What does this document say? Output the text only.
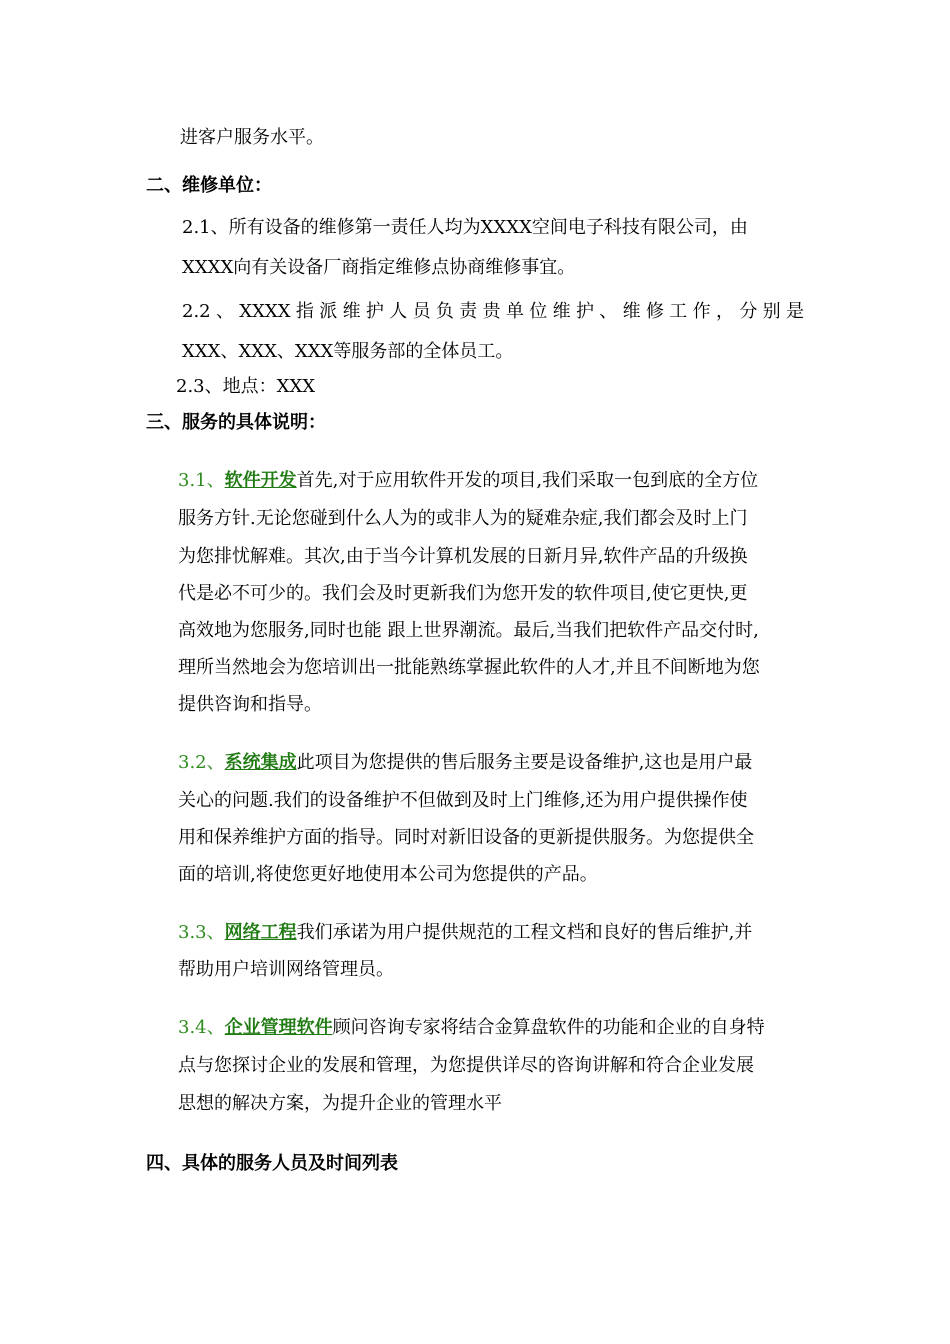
进客户服务水平。
二、维修单位：
2.1、所有设备的维修第一责任人均为XXXX空间电子科技有限公司，由
XXXX向有关设备厂商指定维修点协商维修事宜。
2.2、XXXX指派维护人员负责贵单位维护、维修工作，分别是
XXX、XXX、XXX等服务部的全体员工。
2.3、地点：XXX
三、服务的具体说明：
3.1、软件开发首先,对于应用软件开发的项目,我们采取一包到底的全方位
服务方针.无论您碰到什么人为的或非人为的疑难杂症,我们都会及时上门
为您排忧解难。其次,由于当今计算机发展的日新月异,软件产品的升级换
代是必不可少的。我们会及时更新我们为您开发的软件项目,使它更快,更
高效地为您服务,同时也能 跟上世界潮流。最后,当我们把软件产品交付时,
理所当然地会为您培训出一批能熟练掌握此软件的人才,并且不间断地为您
提供咨询和指导。
3.2、系统集成此项目为您提供的售后服务主要是设备维护,这也是用户最
关心的问题.我们的设备维护不但做到及时上门维修,还为用户提供操作使
用和保养维护方面的指导。同时对新旧设备的更新提供服务。为您提供全
面的培训,将使您更好地使用本公司为您提供的产品。
3.3、网络工程我们承诺为用户提供规范的工程文档和良好的售后维护,并
帮助用户培训网络管理员。
3.4、企业管理软件顾问咨询专家将结合金算盘软件的功能和企业的自身特
点与您探讨企业的发展和管理，为您提供详尽的咨询讲解和符合企业发展
思想的解决方案，为提升企业的管理水平
四、具体的服务人员及时间列表
